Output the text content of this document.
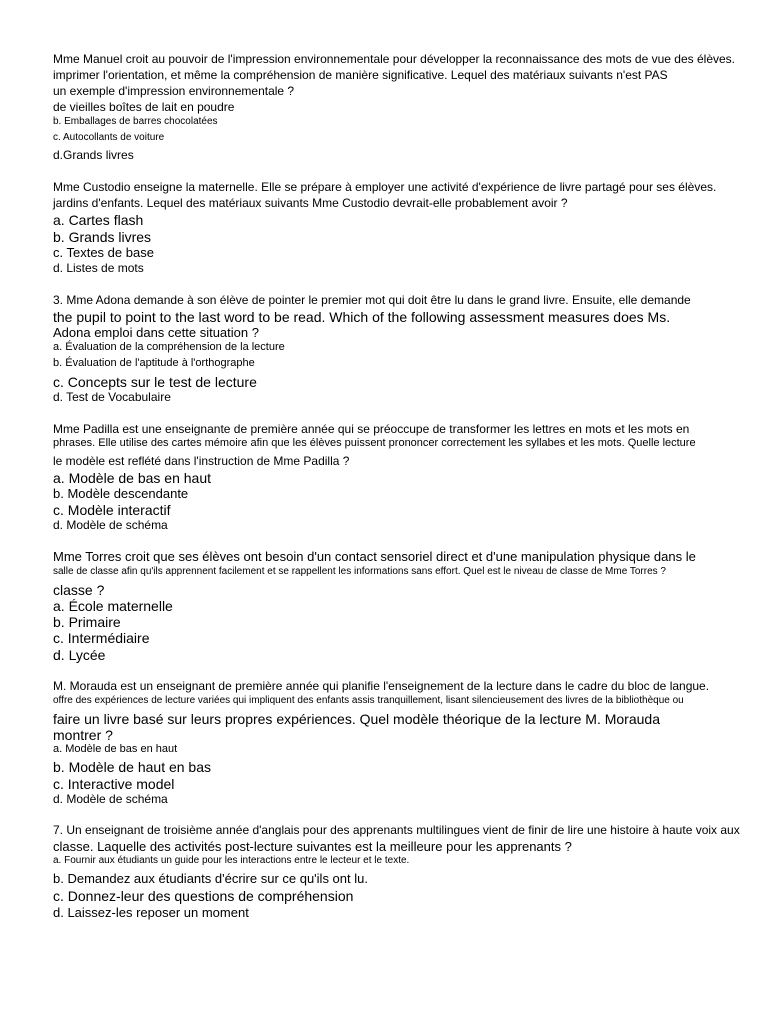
Mme Manuel croit au pouvoir de l'impression environnementale pour développer la reconnaissance des mots de vue des élèves.
imprimer l'orientation, et même la compréhension de manière significative. Lequel des matériaux suivants n'est PAS
un exemple d'impression environnementale ?
de vieilles boîtes de lait en poudre
b. Emballages de barres chocolatées
c. Autocollants de voiture
d.Grands livres
Mme Custodio enseigne la maternelle. Elle se prépare à employer une activité d'expérience de livre partagé pour ses élèves.
jardins d'enfants. Lequel des matériaux suivants Mme Custodio devrait-elle probablement avoir ?
a. Cartes flash
b. Grands livres
c. Textes de base
d. Listes de mots
3. Mme Adona demande à son élève de pointer le premier mot qui doit être lu dans le grand livre. Ensuite, elle demande
the pupil to point to the last word to be read. Which of the following assessment measures does Ms.
Adona emploi dans cette situation ?
a. Évaluation de la compréhension de la lecture
b. Évaluation de l'aptitude à l'orthographe
c. Concepts sur le test de lecture
d. Test de Vocabulaire
Mme Padilla est une enseignante de première année qui se préoccupe de transformer les lettres en mots et les mots en
phrases. Elle utilise des cartes mémoire afin que les élèves puissent prononcer correctement les syllabes et les mots. Quelle lecture
le modèle est reflété dans l'instruction de Mme Padilla ?
a. Modèle de bas en haut
b. Modèle descendante
c. Modèle interactif
d. Modèle de schéma
Mme Torres croit que ses élèves ont besoin d'un contact sensoriel direct et d'une manipulation physique dans le
salle de classe afin qu'ils apprennent facilement et se rappellent les informations sans effort. Quel est le niveau de classe de Mme Torres ?
classe ?
a. École maternelle
b. Primaire
c. Intermédiaire
d. Lycée
M. Morauda est un enseignant de première année qui planifie l'enseignement de la lecture dans le cadre du bloc de langue.
offre des expériences de lecture variées qui impliquent des enfants assis tranquillement, lisant silencieusement des livres de la bibliothèque ou
faire un livre basé sur leurs propres expériences. Quel modèle théorique de la lecture M. Morauda
montrer ?
a. Modèle de bas en haut
b. Modèle de haut en bas
c. Interactive model
d. Modèle de schéma
7. Un enseignant de troisième année d'anglais pour des apprenants multilingues vient de finir de lire une histoire à haute voix aux
classe. Laquelle des activités post-lecture suivantes est la meilleure pour les apprenants ?
a. Fournir aux étudiants un guide pour les interactions entre le lecteur et le texte.
b. Demandez aux étudiants d'écrire sur ce qu'ils ont lu.
c. Donnez-leur des questions de compréhension
d. Laissez-les reposer un moment
